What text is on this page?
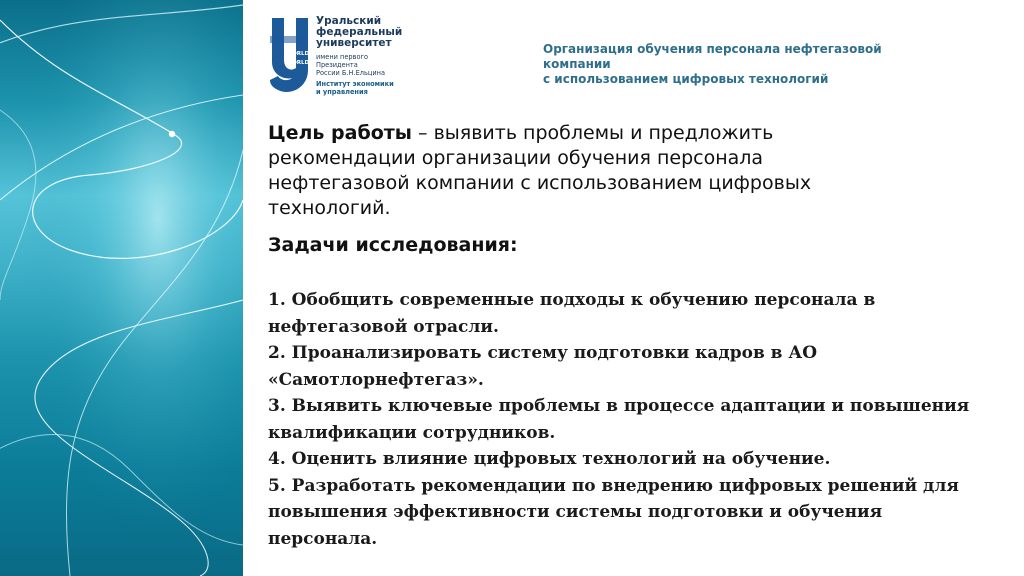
WORLD
WORLD
Уральский
федеральный
университет
имени первого Президента
России Б.Н.Ельцина
Институт экономики
и управления
Организация обучения персонала нефтегазовой
компании
с использованием цифровых технологий

Цель работы – выявить проблемы и предложить рекомендации организации обучения персонала нефтегазовой компании с использованием цифровых технологий.

Задачи исследования:
1. Обобщить современные подходы к обучению персонала в нефтегазовой отрасли.
2. Проанализировать систему подготовки кадров в АО «Самотлорнефтегаз».
3. Выявить ключевые проблемы в процессе адаптации и повышения квалификации сотрудников.
4. Оценить влияние цифровых технологий на обучение.
5. Разработать рекомендации по внедрению цифровых решений для повышения эффективности системы подготовки и обучения персонала.
